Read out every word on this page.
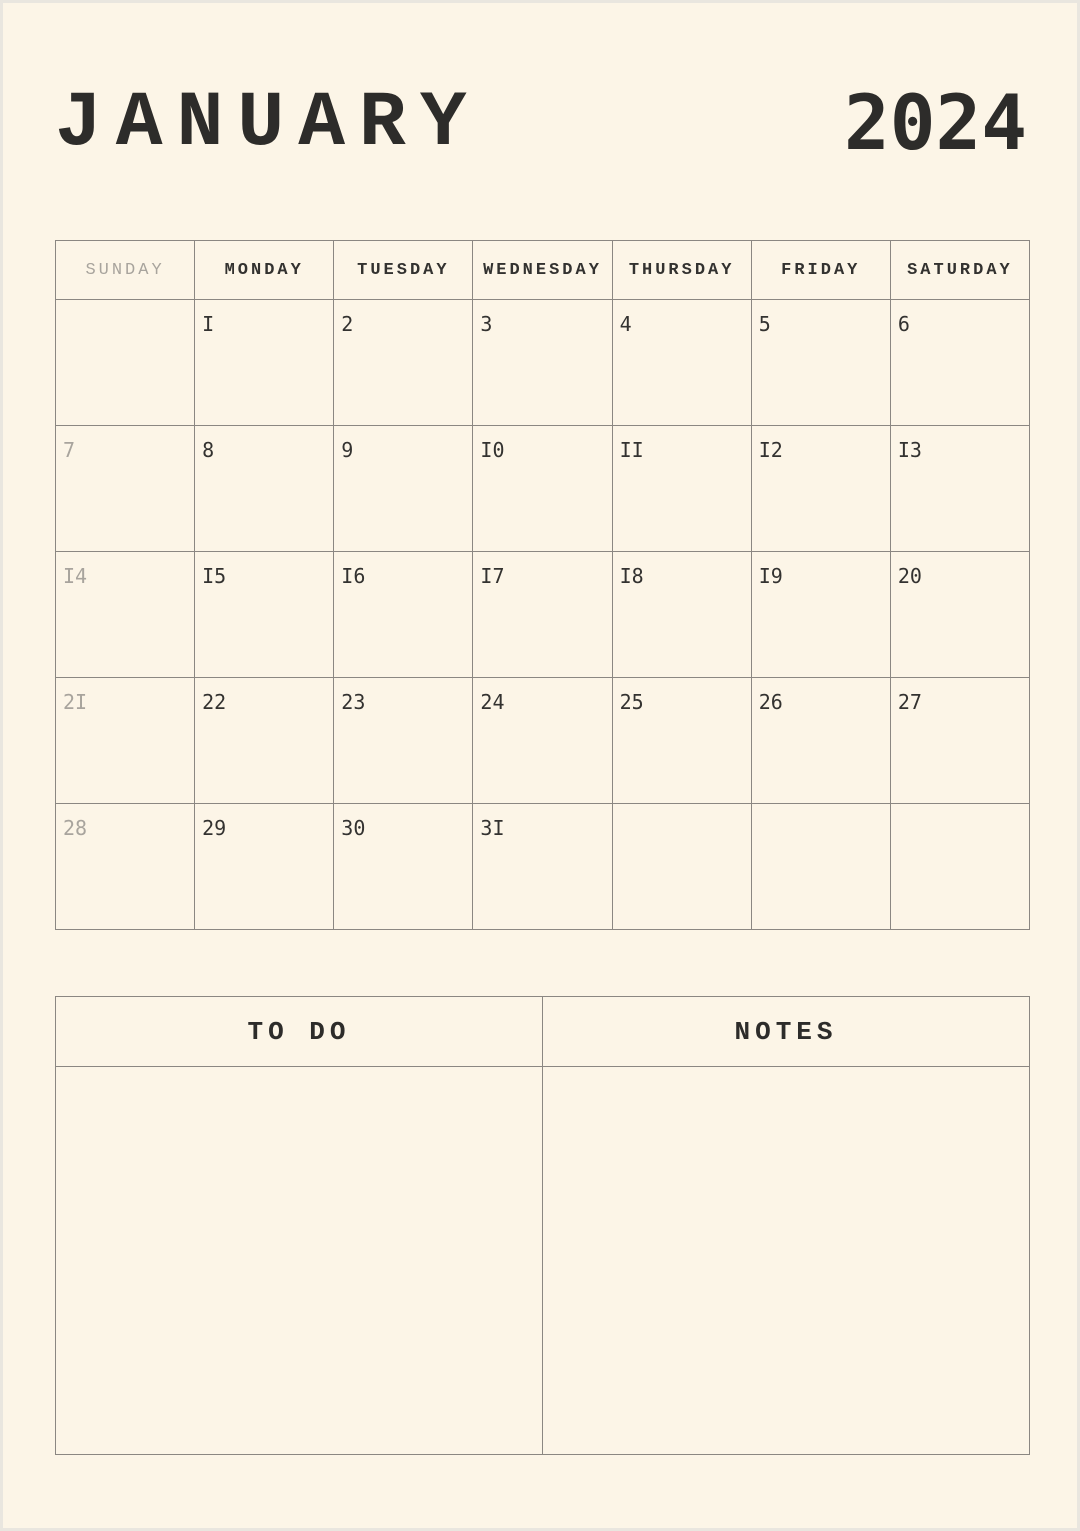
JANUARY	2024
SUNDAY	MONDAY	TUESDAY	WEDNESDAY	THURSDAY	FRIDAY	SATURDAY

	I	2	3	4	5	6

7	8	9	I0	II	I2	I3

I4	I5	I6	I7	I8	I9	20

2I	22	23	24	25	26	27

28	29	30	3I			

TO DO	NOTES
